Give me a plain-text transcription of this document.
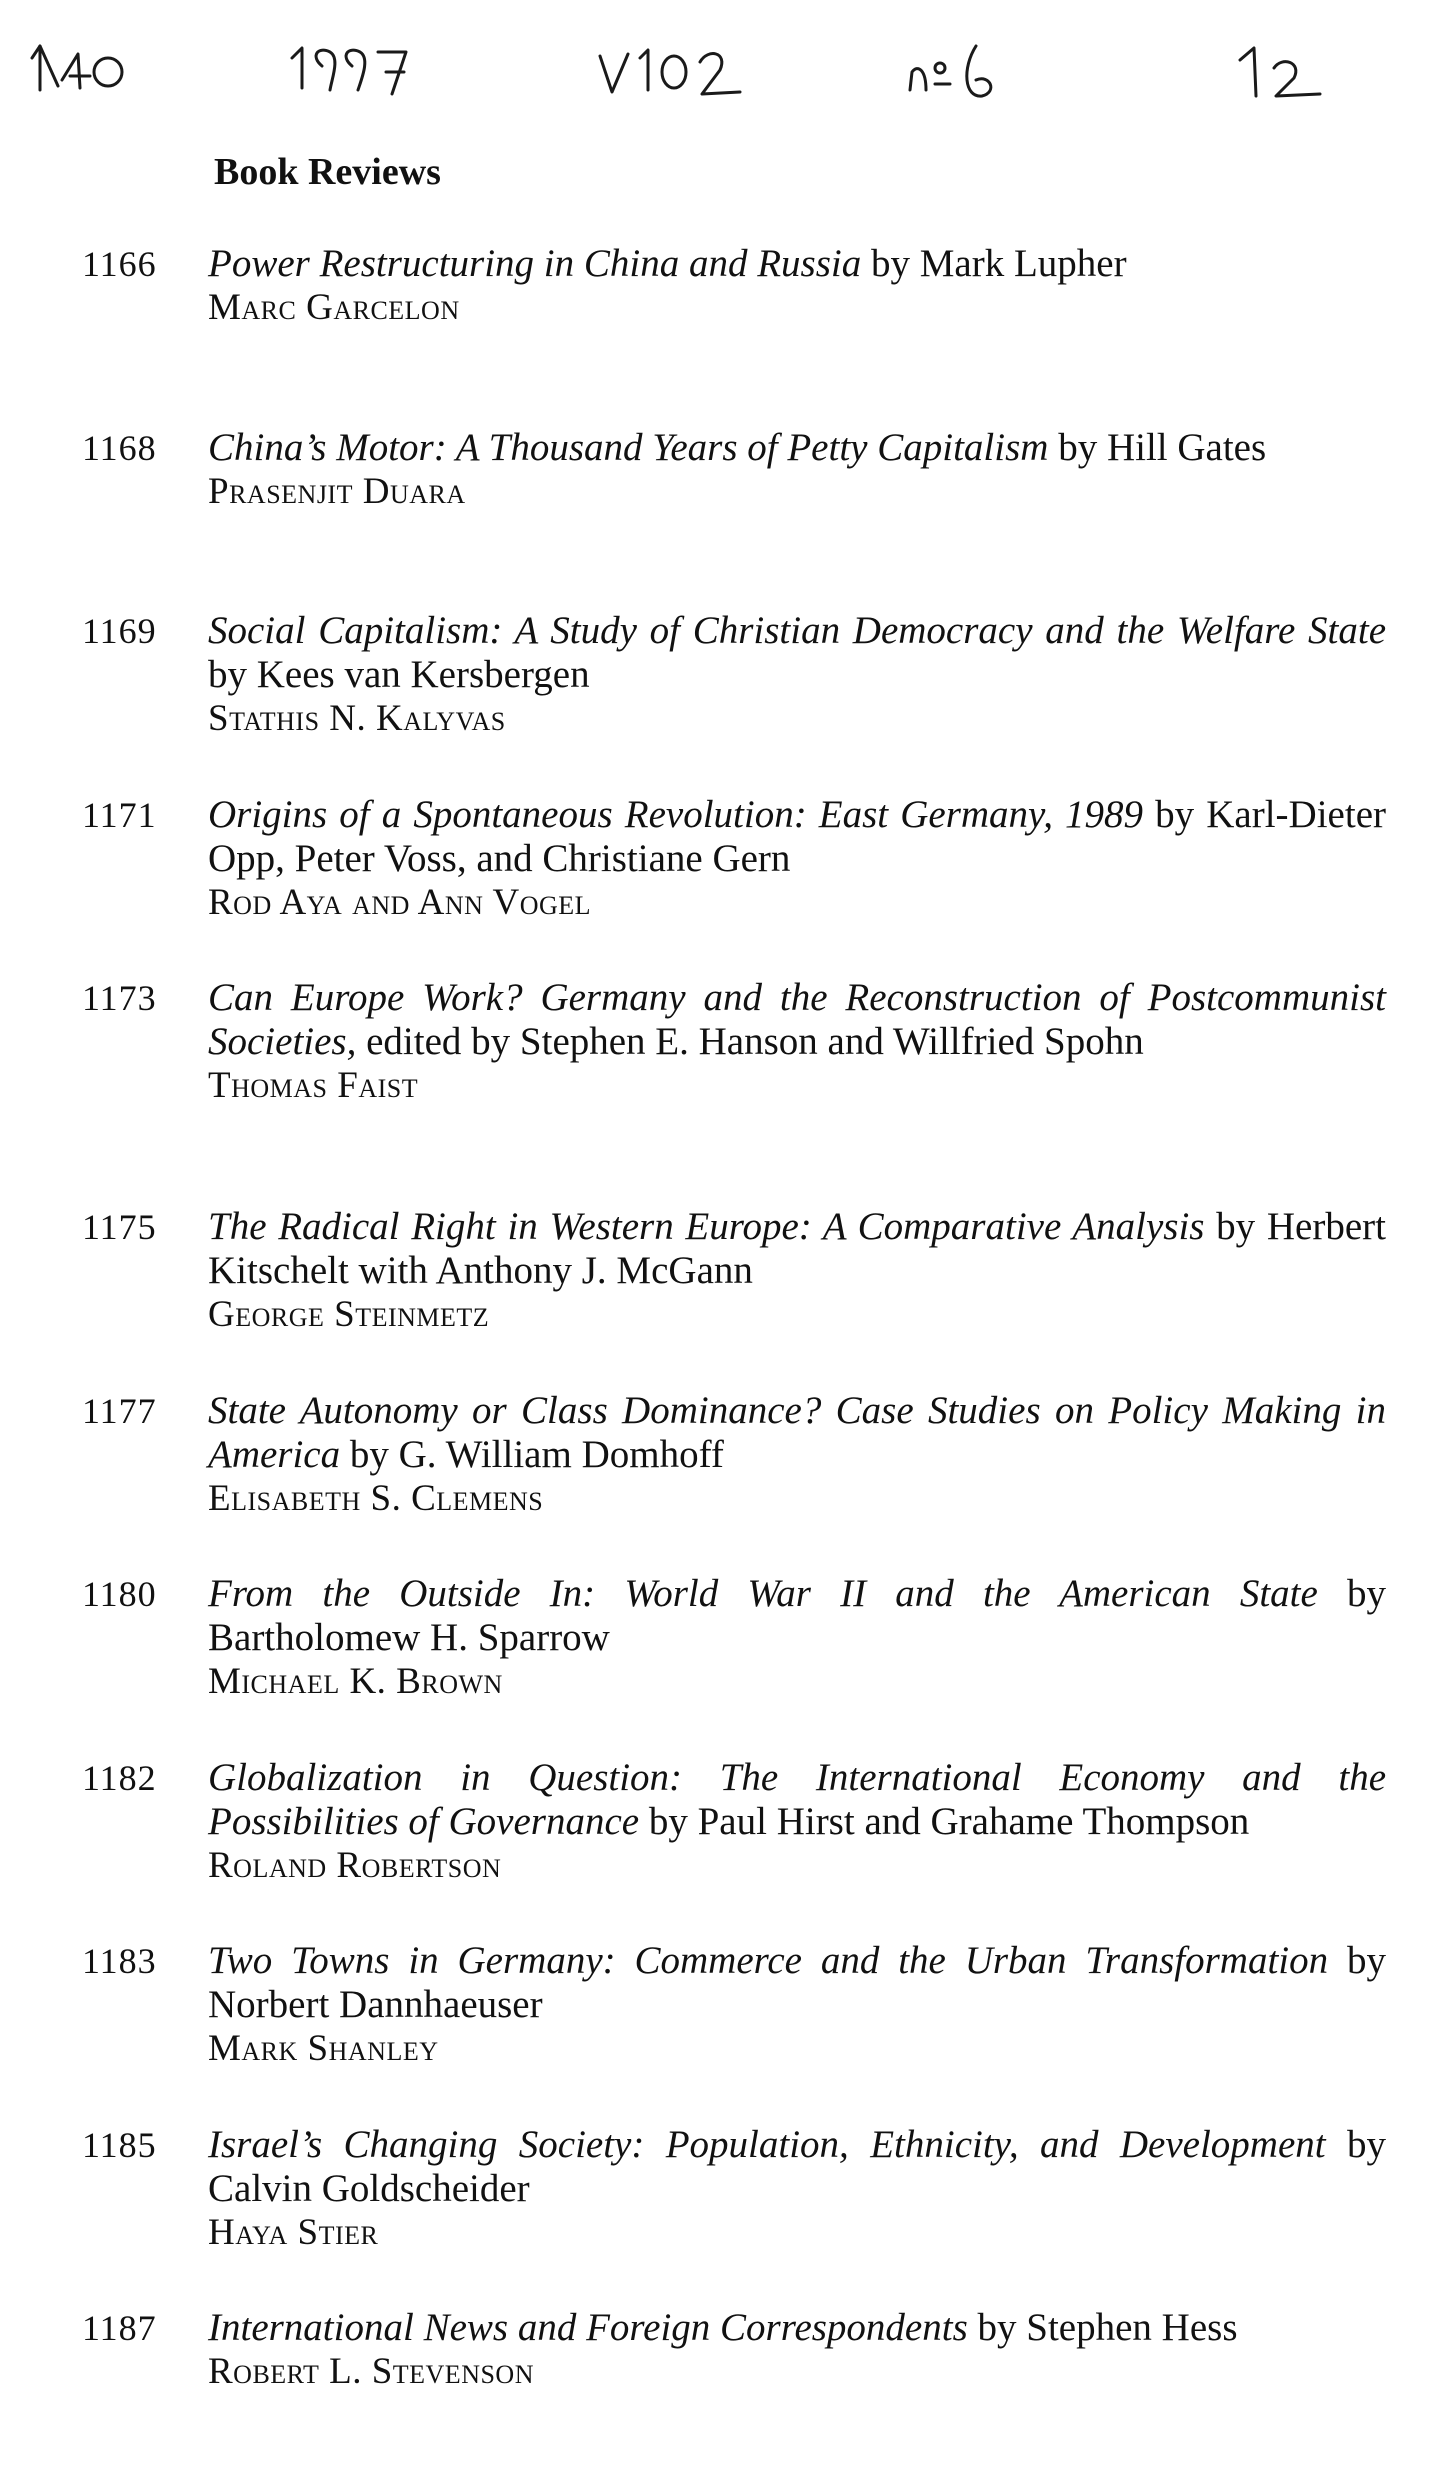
Book Reviews
1166	Power Restructuring in China and Russia by Mark Lupher
Marc Garcelon
1168	China’s Motor: A Thousand Years of Petty Capitalism by Hill Gates
Prasenjit Duara
1169	Social Capitalism: A Study of Christian Democracy and the Welfare State by Kees van Kersbergen
Stathis N. Kalyvas
1171	Origins of a Spontaneous Revolution: East Germany, 1989 by Karl-Dieter Opp, Peter Voss, and Christiane Gern
Rod Aya and Ann Vogel
1173	Can Europe Work? Germany and the Reconstruction of Postcommunist Societies, edited by Stephen E. Hanson and Willfried Spohn
Thomas Faist
1175	The Radical Right in Western Europe: A Comparative Analysis by Herbert Kitschelt with Anthony J. McGann
George Steinmetz
1177	State Autonomy or Class Dominance? Case Studies on Policy Making in America by G. William Domhoff
Elisabeth S. Clemens
1180	From the Outside In: World War II and the American State by Bartholomew H. Sparrow
Michael K. Brown
1182	Globalization in Question: The International Economy and the Possibilities of Governance by Paul Hirst and Grahame Thompson
Roland Robertson
1183	Two Towns in Germany: Commerce and the Urban Transformation by Norbert Dannhaeuser
Mark Shanley
1185	Israel’s Changing Society: Population, Ethnicity, and Development by Calvin Goldscheider
Haya Stier
1187	International News and Foreign Correspondents by Stephen Hess
Robert L. Stevenson
